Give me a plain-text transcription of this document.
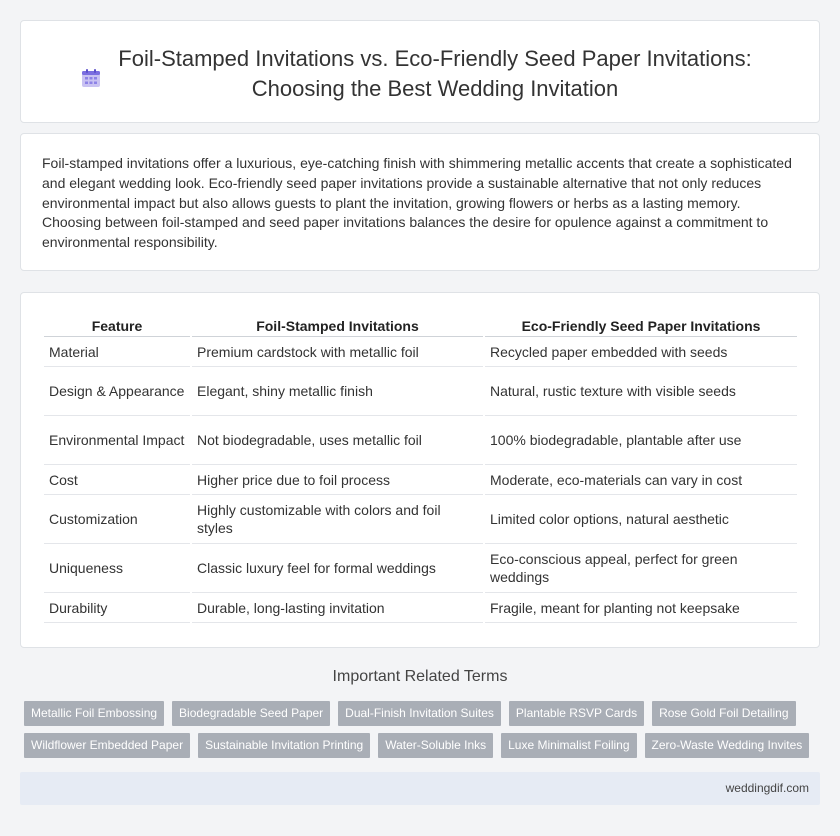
Foil-Stamped Invitations vs. Eco-Friendly Seed Paper Invitations: Choosing the Best Wedding Invitation

Foil-stamped invitations offer a luxurious, eye-catching finish with shimmering metallic accents that create a sophisticated and elegant wedding look. Eco-friendly seed paper invitations provide a sustainable alternative that not only reduces environmental impact but also allows guests to plant the invitation, growing flowers or herbs as a lasting memory. Choosing between foil-stamped and seed paper invitations balances the desire for opulence against a commitment to environmental responsibility.

Feature	Foil-Stamped Invitations	Eco-Friendly Seed Paper Invitations
Material	Premium cardstock with metallic foil	Recycled paper embedded with seeds
Design & Appearance	Elegant, shiny metallic finish	Natural, rustic texture with visible seeds
Environmental Impact	Not biodegradable, uses metallic foil	100% biodegradable, plantable after use
Cost	Higher price due to foil process	Moderate, eco-materials can vary in cost
Customization	Highly customizable with colors and foil styles	Limited color options, natural aesthetic
Uniqueness	Classic luxury feel for formal weddings	Eco-conscious appeal, perfect for green weddings
Durability	Durable, long-lasting invitation	Fragile, meant for planting not keepsake
Important Related Terms
Metallic Foil Embossing	Biodegradable Seed Paper	Dual-Finish Invitation Suites	Plantable RSVP Cards	Rose Gold Foil Detailing
Wildflower Embedded Paper	Sustainable Invitation Printing	Water-Soluble Inks	Luxe Minimalist Foiling	Zero-Waste Wedding Invites
weddingdif.com
